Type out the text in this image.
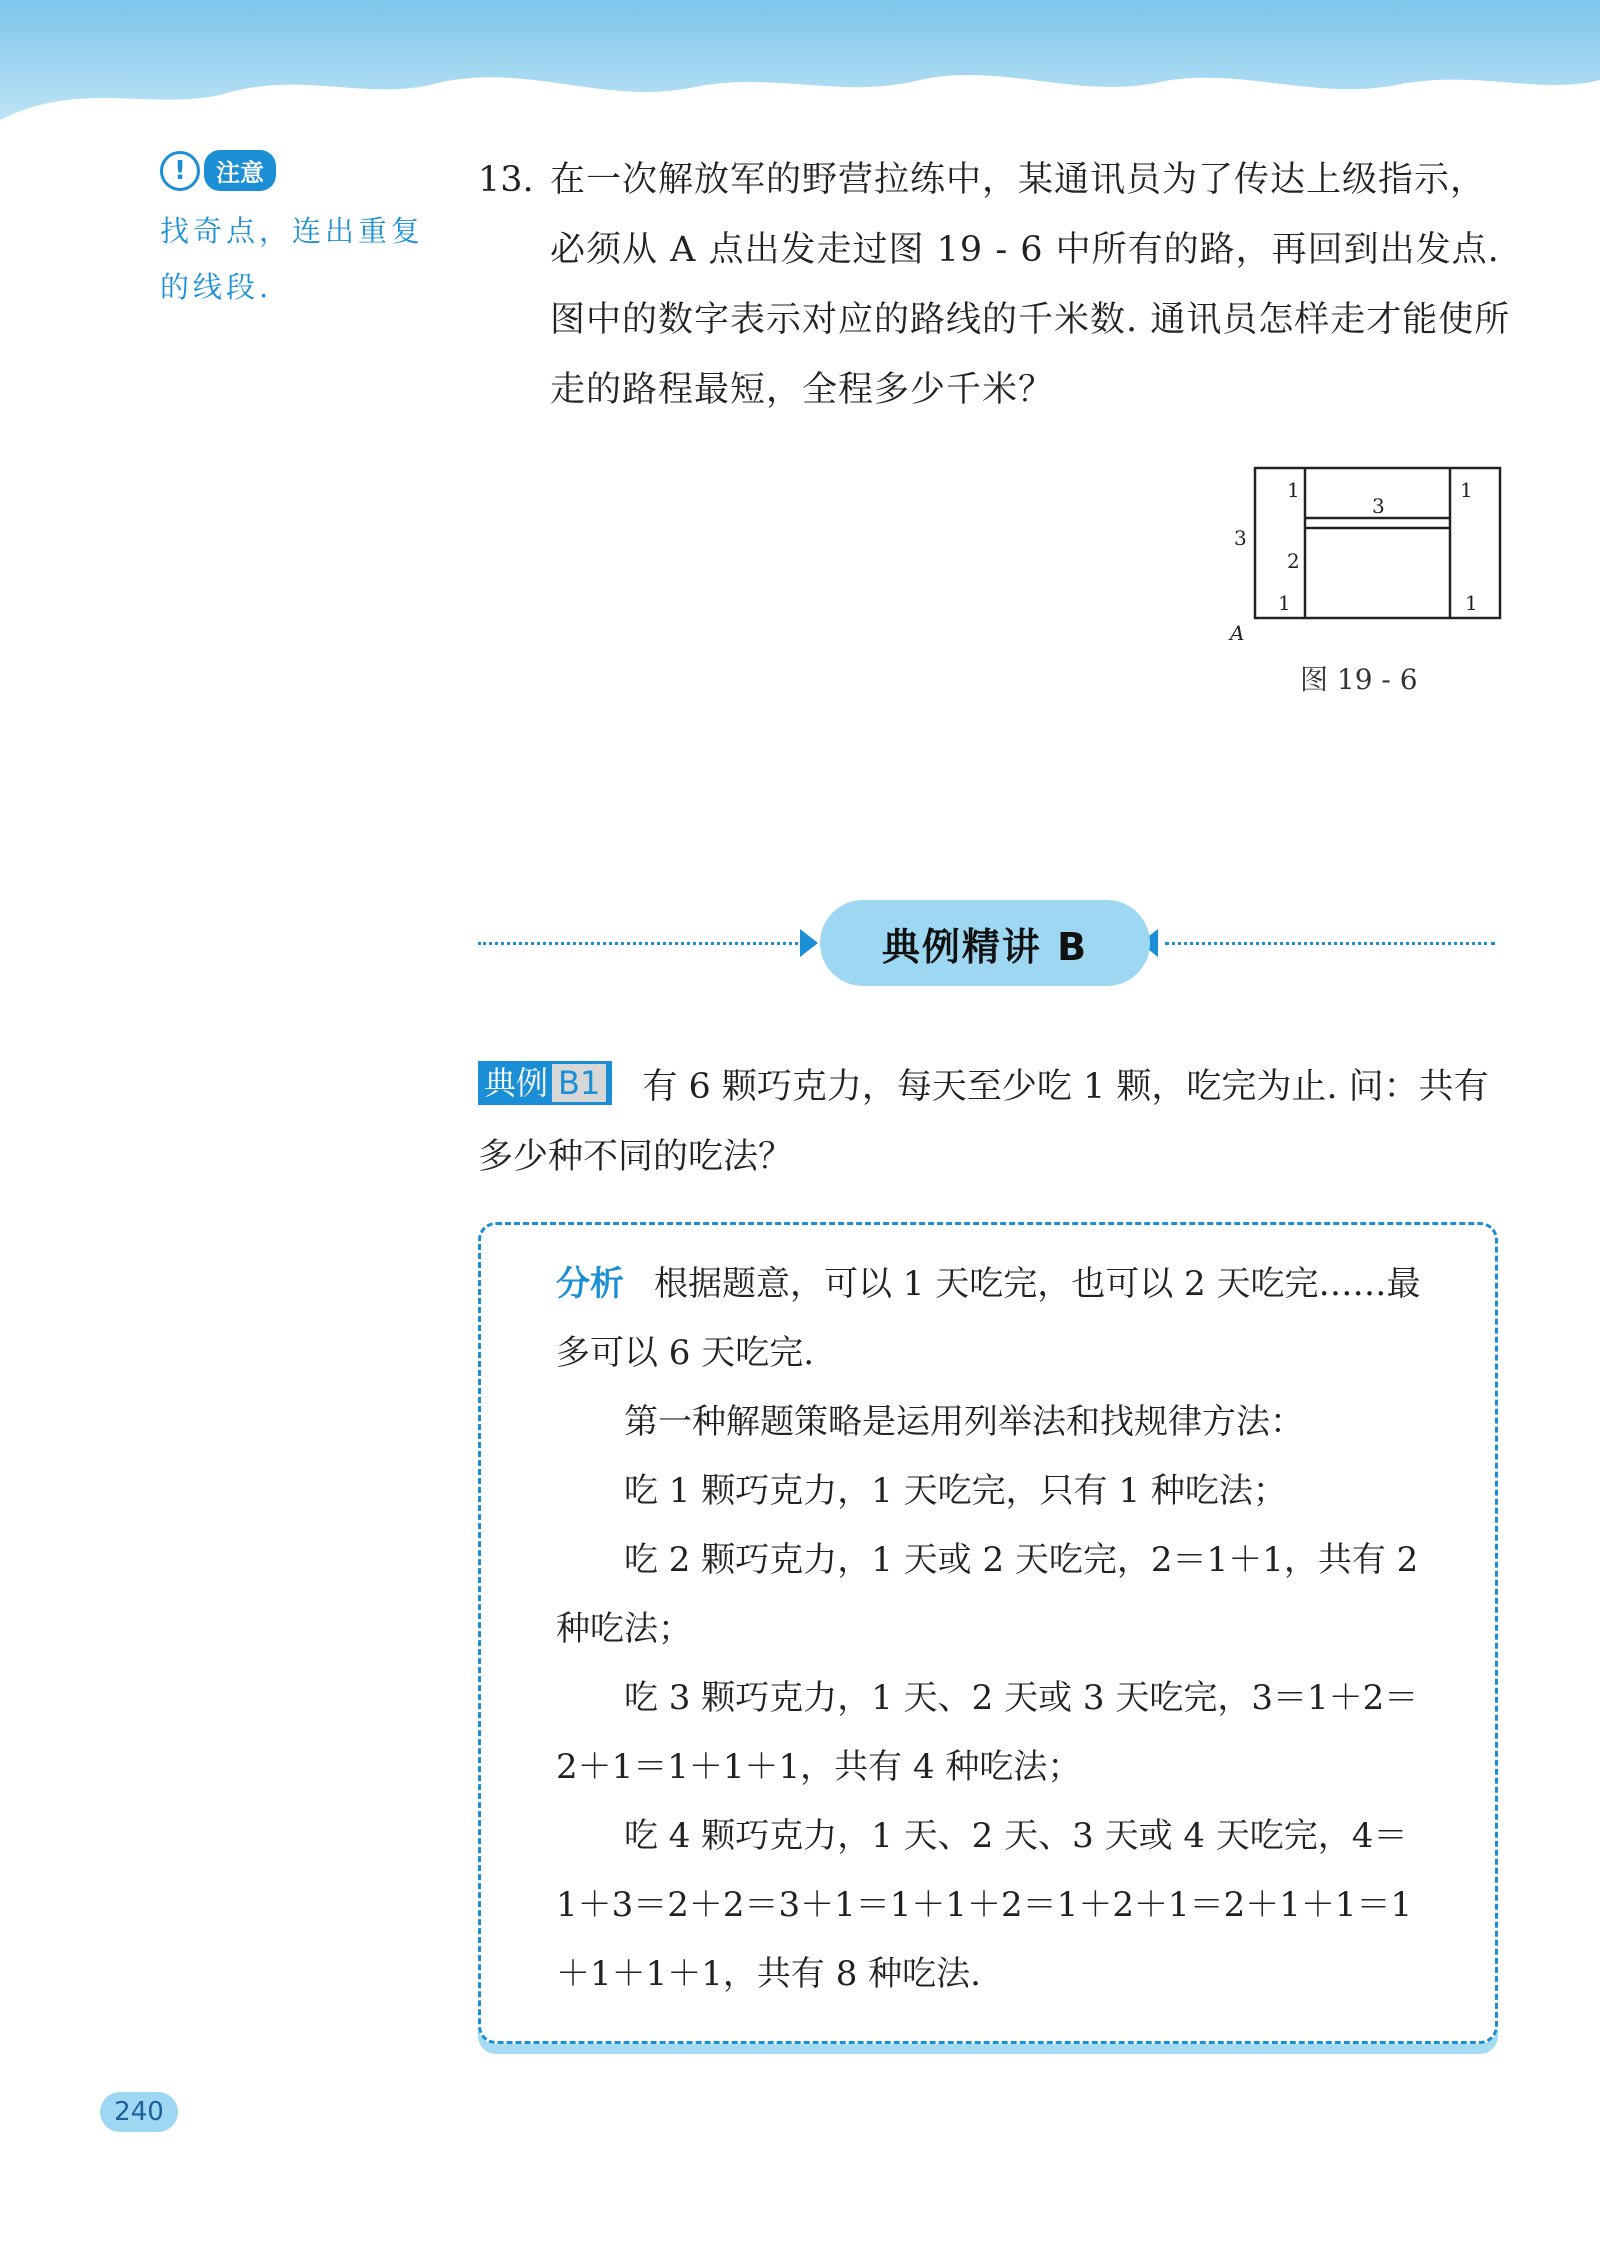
!	注意
找奇点，连出重复的线段.
13. 在一次解放军的野营拉练中，某通讯员为了传达上级指示，必须从 A 点出发走过图 19 - 6 中所有的路，再回到出发点. 图中的数字表示对应的路线的千米数. 通讯员怎样走才能使所走的路程最短，全程多少千米？
3
1
3
1
2
1	1
A
图 19 - 6
典例精讲 B
典例 B1 有 6 颗巧克力，每天至少吃 1 颗，吃完为止. 问：共有多少种不同的吃法？

分析 根据题意，可以 1 天吃完，也可以 2 天吃完……最多可以 6 天吃完.

第一种解题策略是运用列举法和找规律方法：

吃 1 颗巧克力，1 天吃完，只有 1 种吃法；

吃 2 颗巧克力，1 天或 2 天吃完，2＝1＋1，共有 2 种吃法；

吃 3 颗巧克力，1 天、2 天或 3 天吃完，3＝1＋2＝2＋1＝1＋1＋1，共有 4 种吃法；

吃 4 颗巧克力，1 天、2 天、3 天或 4 天吃完，4＝1＋3＝2＋2＝3＋1＝1＋1＋2＝1＋2＋1＝2＋1＋1＝1＋1＋1＋1，共有 8 种吃法.

240
